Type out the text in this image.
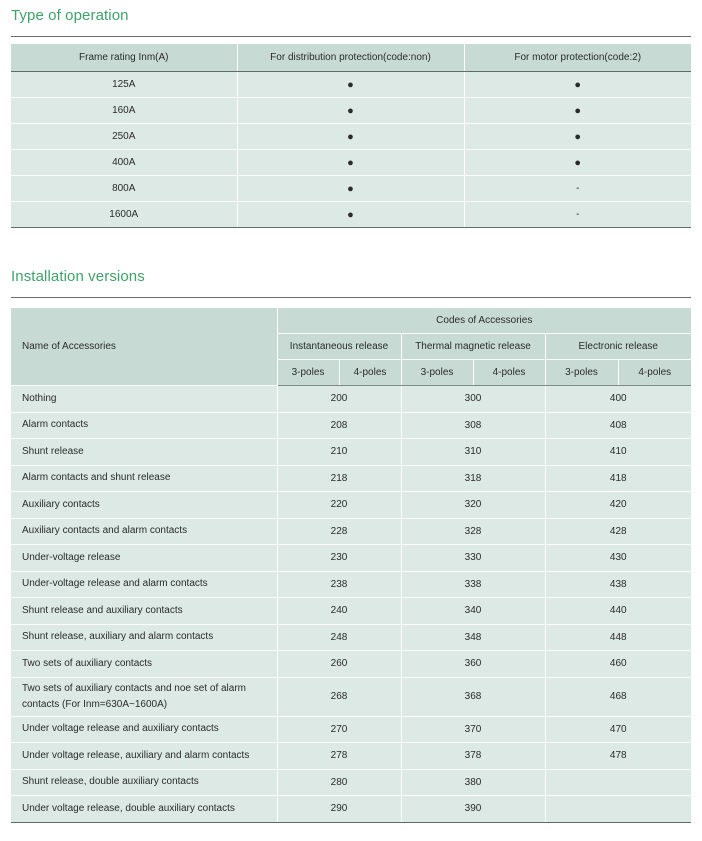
Type of operation
Frame rating Inm(A)	For distribution protection(code:non)	For motor protection(code:2)
125A	●	●
160A	●	●
250A	●	●
400A	●	●
800A	●	-
1600A	●	-
Installation versions
Name of Accessories	Codes of Accessories					
	Instantaneous release		Thermal magnetic release		Electronic release	
	3-poles	4-poles	3-poles	4-poles	3-poles	4-poles
Nothing	200		300		400	
Alarm contacts	208		308		408	
Shunt release	210		310		410	
Alarm contacts and shunt release	218		318		418	
Auxiliary contacts	220		320		420	
Auxiliary contacts and alarm contacts	228		328		428	
Under-voltage release	230		330		430	
Under-voltage release and alarm contacts	238		338		438	
Shunt release and auxiliary contacts	240		340		440	
Shunt release, auxiliary and alarm contacts	248		348		448	
Two sets of auxiliary contacts	260		360		460	
Two sets of auxiliary contacts and noe set of alarm contacts (For Inm=630A~1600A)	268		368		468	
Under voltage release and auxiliary contacts	270		370		470	
Under voltage release, auxiliary and alarm contacts	278		378		478	
Shunt release, double auxiliary contacts	280		380			
Under voltage release, double auxiliary contacts	290		390			
